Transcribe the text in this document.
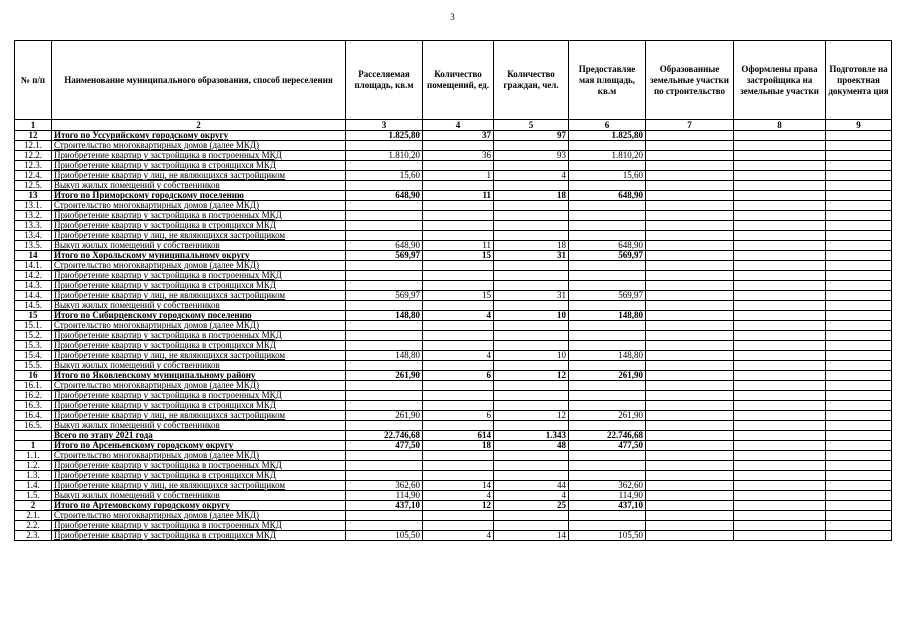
3
№ п/п	Наименование муниципального образования, способ переселения	Расселяемая площадь, кв.м	Количество помещений, ед.	Количество граждан, чел.	Предоставляе мая площадь, кв.м	Образованные земельные участки по строительство	Оформлены права застройщика на земельные участки	Подготовле на проектная документа ция
1	2	3	4	5	6	7	8	9
12	Итого по Уссурийскому городскому округу	1.825,80	37	97	1.825,80			
12.1.	Строительство многоквартирных домов (далее МКД)							
12.2.	Приобретение квартир у застройщика в построенных МКД	1.810,20	36	93	1.810,20			
12.3.	Приобретение квартир у застройщика в строящихся МКД							
12.4.	Приобретение квартир у лиц, не являющихся застройщиком	15,60	1	4	15,60			
12.5.	Выкуп жилых помещений у собственников							
13	Итого по Приморскому городскому поселению	648,90	11	18	648,90			
13.1.	Строительство многоквартирных домов (далее МКД)							
13.2.	Приобретение квартир у застройщика в построенных МКД							
13.3.	Приобретение квартир у застройщика в строящихся МКД							
13.4.	Приобретение квартир у лиц, не являющихся застройщиком							
13.5.	Выкуп жилых помещений у собственников	648,90	11	18	648,90			
14	Итого по Хорольскому муниципальному округу	569,97	15	31	569,97			
14.1.	Строительство многоквартирных домов (далее МКД)							
14.2.	Приобретение квартир у застройщика в построенных МКД							
14.3.	Приобретение квартир у застройщика в строящихся МКД							
14.4.	Приобретение квартир у лиц, не являющихся застройщиком	569,97	15	31	569,97			
14.5.	Выкуп жилых помещений у собственников							
15	Итого по Сибирцевскому городскому поселению	148,80	4	10	148,80			
15.1.	Строительство многоквартирных домов (далее МКД)							
15.2.	Приобретение квартир у застройщика в построенных МКД							
15.3.	Приобретение квартир у застройщика в строящихся МКД							
15.4.	Приобретение квартир у лиц, не являющихся застройщиком	148,80	4	10	148,80			
15.5.	Выкуп жилых помещений у собственников							
16	Итого по Яковлевскому муниципальному району	261,90	6	12	261,90			
16.1.	Строительство многоквартирных домов (далее МКД)							
16.2.	Приобретение квартир у застройщика в построенных МКД							
16.3.	Приобретение квартир у застройщика в строящихся МКД							
16.4.	Приобретение квартир у лиц, не являющихся застройщиком	261,90	6	12	261,90			
16.5.	Выкуп жилых помещений у собственников							
	Всего по этапу 2021 года	22.746,68	614	1.343	22.746,68			
1	Итого по Арсеньевскому городскому округу	477,50	18	48	477,50			
1.1.	Строительство многоквартирных домов (далее МКД)							
1.2.	Приобретение квартир у застройщика в построенных МКД							
1.3.	Приобретение квартир у застройщика в строящихся МКД							
1.4.	Приобретение квартир у лиц, не являющихся застройщиком	362,60	14	44	362,60			
1.5.	Выкуп жилых помещений у собственников	114,90	4	4	114,90			
2	Итого по Артемовскому городскому округу	437,10	12	25	437,10			
2.1.	Строительство многоквартирных домов (далее МКД)							
2.2.	Приобретение квартир у застройщика в построенных МКД							
2.3.	Приобретение квартир у застройщика в строящихся МКД	105,50	4	14	105,50			
